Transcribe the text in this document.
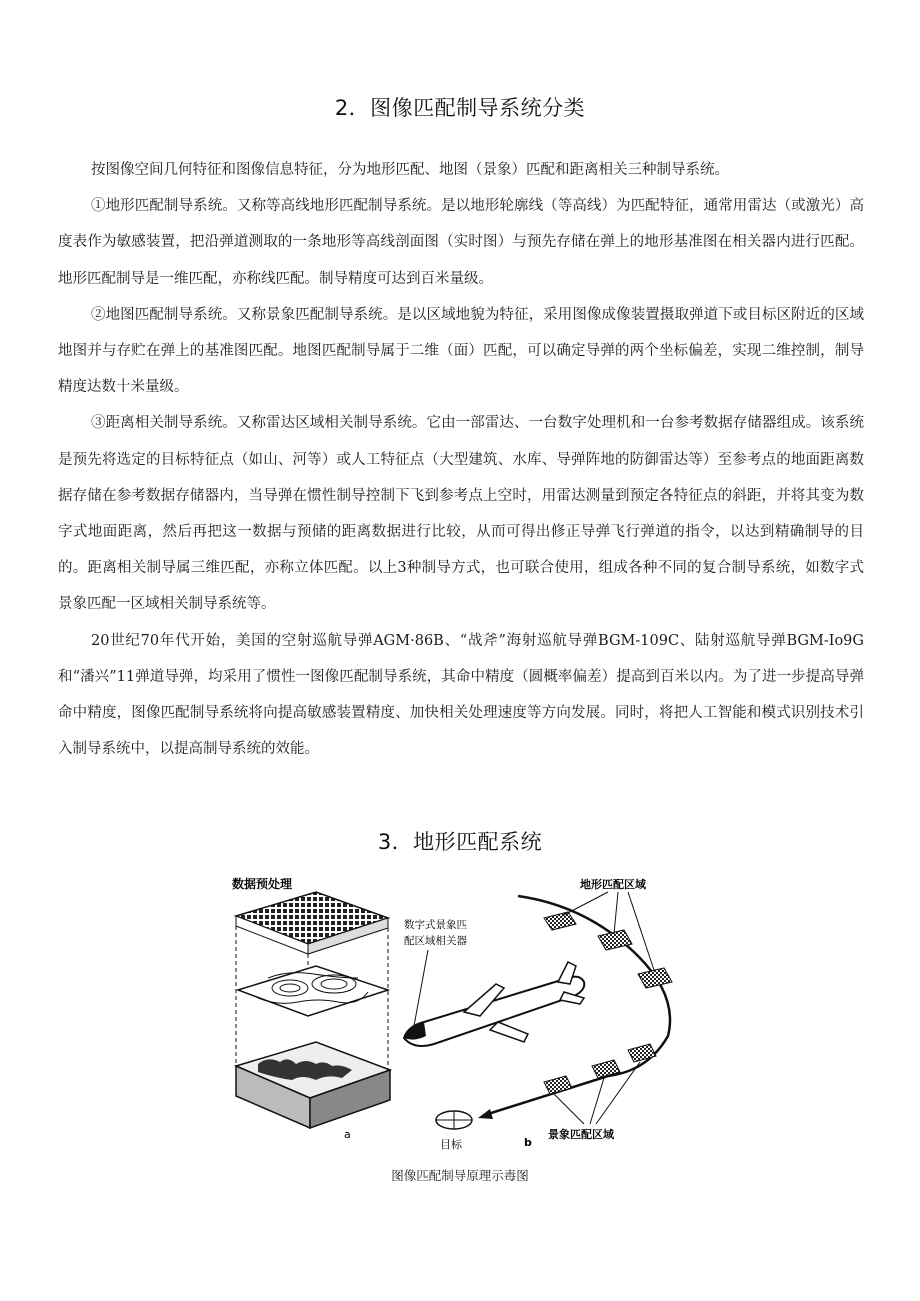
2．图像匹配制导系统分类

按图像空间几何特征和图像信息特征，分为地形匹配、地图（景象）匹配和距离相关三种制导系统。

①地形匹配制导系统。又称等高线地形匹配制导系统。是以地形轮廓线（等高线）为匹配特征，通常用雷达（或激光）高度表作为敏感装置，把沿弹道测取的一条地形等高线剖面图（实时图）与预先存储在弹上的地形基准图在相关器内进行匹配。地形匹配制导是一维匹配，亦称线匹配。制导精度可达到百米量级。

②地图匹配制导系统。又称景象匹配制导系统。是以区域地貌为特征，采用图像成像装置摄取弹道下或目标区附近的区域地图并与存贮在弹上的基准图匹配。地图匹配制导属于二维（面）匹配，可以确定导弹的两个坐标偏差，实现二维控制，制导精度达数十米量级。

③距离相关制导系统。又称雷达区域相关制导系统。它由一部雷达、一台数字处理机和一台参考数据存储器组成。该系统是预先将选定的目标特征点（如山、河等）或人工特征点（大型建筑、水库、导弹阵地的防御雷达等）至参考点的地面距离数据存储在参考数据存储器内，当导弹在惯性制导控制下飞到参考点上空时，用雷达测量到预定各特征点的斜距，并将其变为数字式地面距离，然后再把这一数据与预储的距离数据进行比较，从而可得出修正导弹飞行弹道的指令，以达到精确制导的目的。距离相关制导属三维匹配，亦称立体匹配。以上3种制导方式，也可联合使用，组成各种不同的复合制导系统，如数字式景象匹配一区域相关制导系统等。

20世纪70年代开始，美国的空射巡航导弹AGM·86B、“战斧”海射巡航导弹BGM-109C、陆射巡航导弹BGM-Io9G和“潘兴”11弹道导弹，均采用了惯性一图像匹配制导系统，其命中精度（圆概率偏差）提高到百米以内。为了进一步提高导弹命中精度，图像匹配制导系统将向提高敏感装置精度、加快相关处理速度等方向发展。同时，将把人工智能和模式识别技术引入制导系统中，以提高制导系统的效能。

3．地形匹配系统
数据预处理
a
数字式景象匹
配区域相关器
地形匹配区域
景象匹配区域
目标	b
图像匹配制导原理示毒图
